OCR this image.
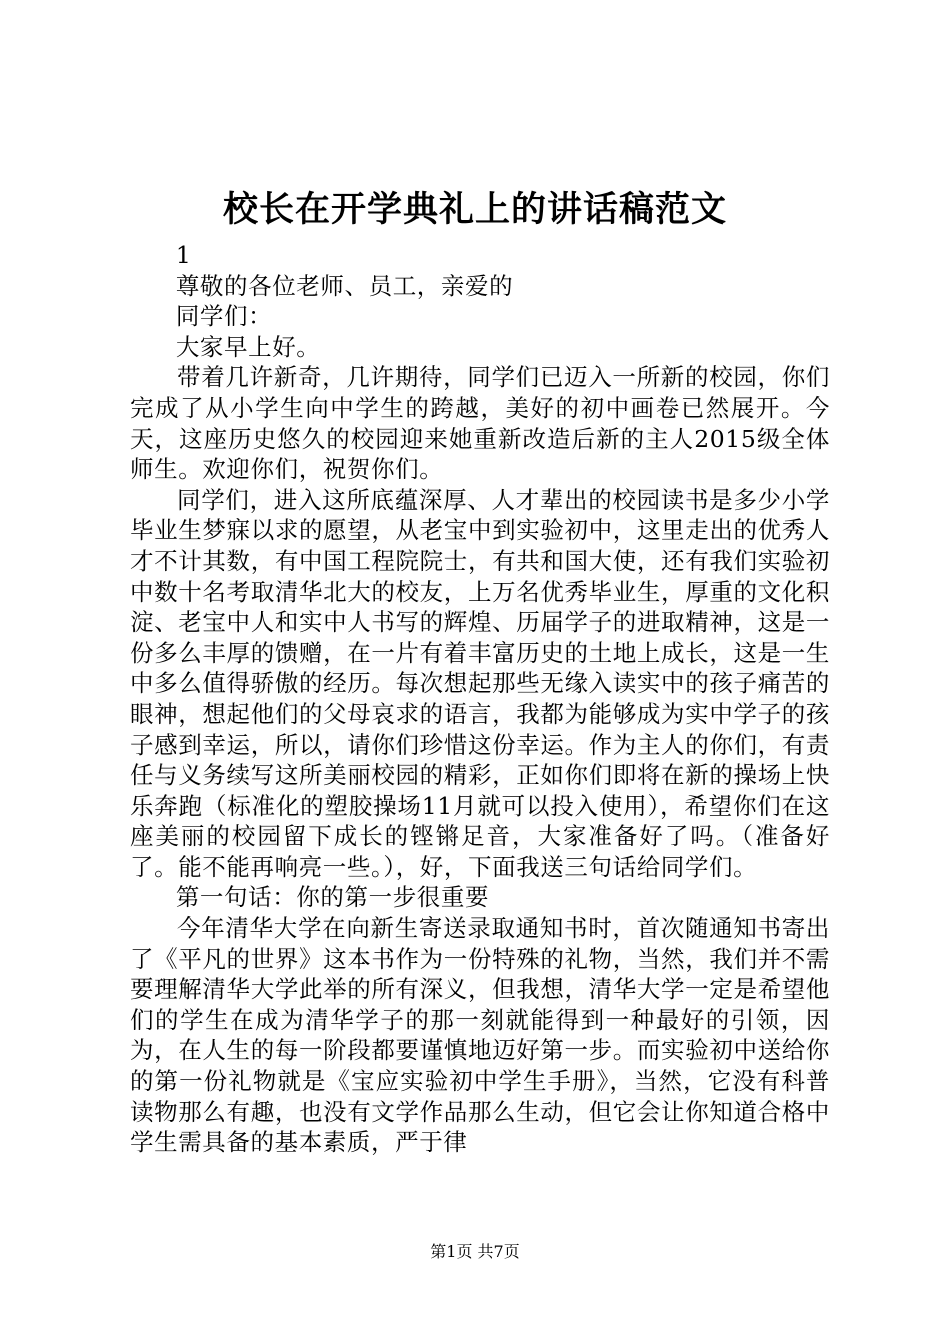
校长在开学典礼上的讲话稿范文

1

尊敬的各位老师、员工，亲爱的

同学们：

大家早上好。

带着几许新奇，几许期待，同学们已迈入一所新的校园，你们完成了从小学生向中学生的跨越，美好的初中画卷已然展开。今天，这座历史悠久的校园迎来她重新改造后新的主人2015级全体师生。欢迎你们，祝贺你们。

同学们，进入这所底蕴深厚、人才辈出的校园读书是多少小学毕业生梦寐以求的愿望，从老宝中到实验初中，这里走出的优秀人才不计其数，有中国工程院院士，有共和国大使，还有我们实验初中数十名考取清华北大的校友，上万名优秀毕业生，厚重的文化积淀、老宝中人和实中人书写的辉煌、历届学子的进取精神，这是一份多么丰厚的馈赠，在一片有着丰富历史的土地上成长，这是一生中多么值得骄傲的经历。每次想起那些无缘入读实中的孩子痛苦的眼神，想起他们的父母哀求的语言，我都为能够成为实中学子的孩子感到幸运，所以，请你们珍惜这份幸运。作为主人的你们，有责任与义务续写这所美丽校园的精彩，正如你们即将在新的操场上快乐奔跑（标准化的塑胶操场11月就可以投入使用），希望你们在这座美丽的校园留下成长的铿锵足音，大家准备好了吗。（准备好了。能不能再响亮一些。），好，下面我送三句话给同学们。

第一句话：你的第一步很重要

今年清华大学在向新生寄送录取通知书时，首次随通知书寄出了《平凡的世界》这本书作为一份特殊的礼物，当然，我们并不需要理解清华大学此举的所有深义，但我想，清华大学一定是希望他们的学生在成为清华学子的那一刻就能得到一种最好的引领，因为，在人生的每一阶段都要谨慎地迈好第一步。而实验初中送给你的第一份礼物就是《宝应实验初中学生手册》，当然，它没有科普读物那么有趣，也没有文学作品那么生动，但它会让你知道合格中学生需具备的基本素质，严于律

第1页 共7页
